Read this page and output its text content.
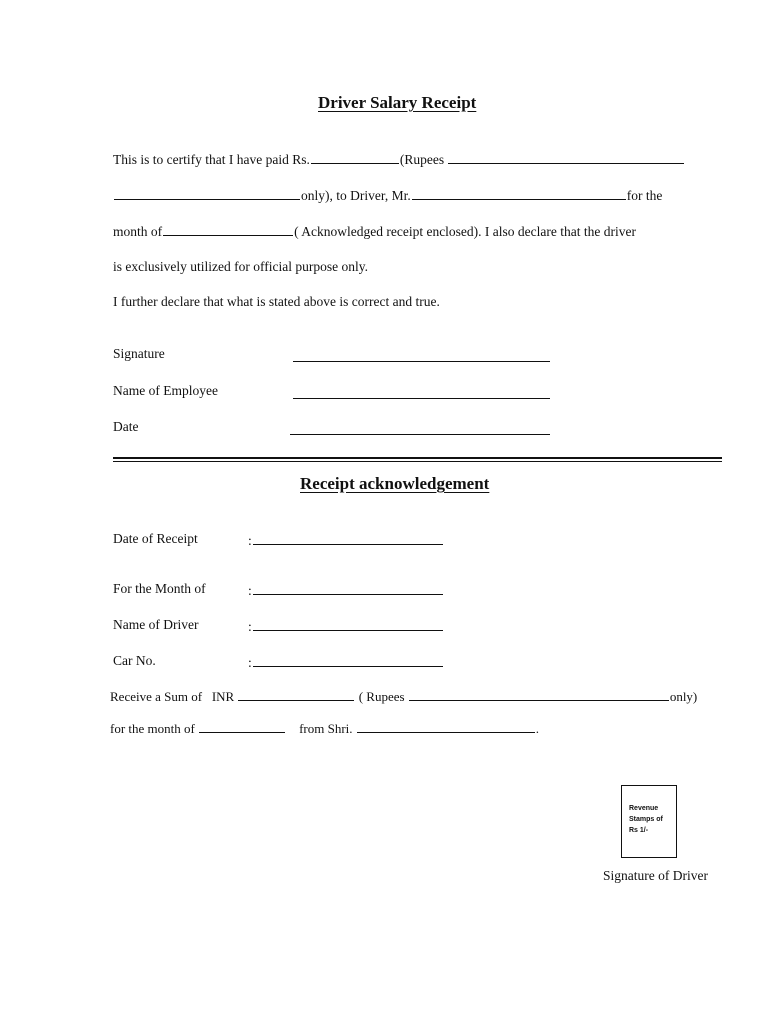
Driver Salary Receipt
This is to certify that I have paid Rs.	(Rupees
only), to Driver, Mr.	for the
month of	( Acknowledged receipt enclosed). I also declare that the driver
is exclusively utilized for official purpose only.
I further declare that what is stated above is correct and true.
Signature
Name of Employee
Date
Receipt acknowledgement
Date of Receipt	:
For the Month of	:
Name of Driver	:
Car No.	:
Receive a Sum of INR	( Rupees	only)
for the month of	from Shri.	.
Revenue
Stamps of
Rs 1/-
Signature of Driver
